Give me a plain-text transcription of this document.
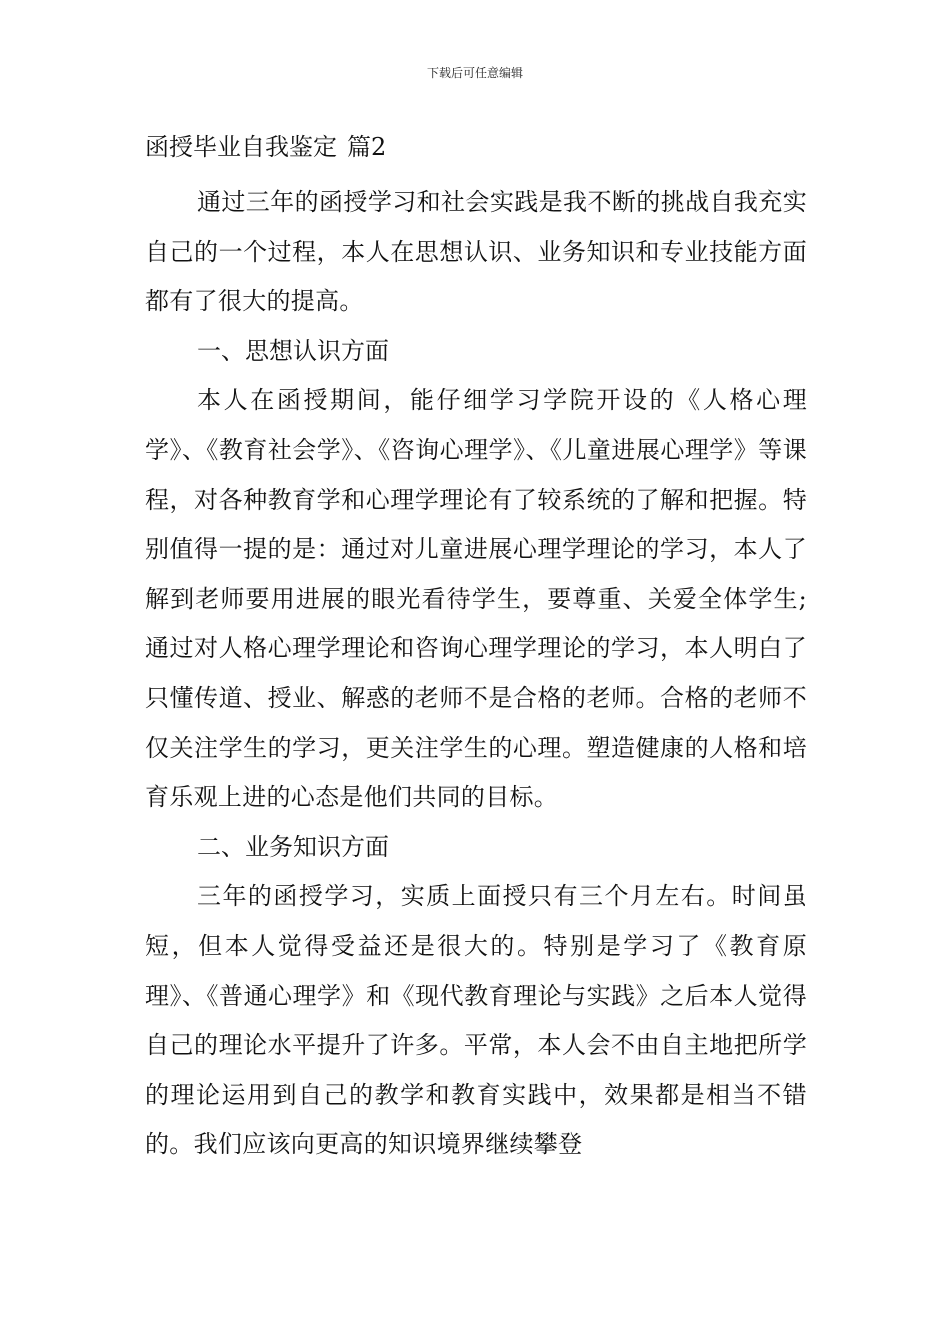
下载后可任意编辑
函授毕业自我鉴定 篇2

通过三年的函授学习和社会实践是我不断的挑战自我充实自己的一个过程，本人在思想认识、业务知识和专业技能方面都有了很大的提高。

一、思想认识方面

本人在函授期间，能仔细学习学院开设的《人格心理学》、《教育社会学》、《咨询心理学》、《儿童进展心理学》等课程，对各种教育学和心理学理论有了较系统的了解和把握。特别值得一提的是：通过对儿童进展心理学理论的学习，本人了解到老师要用进展的眼光看待学生，要尊重、关爱全体学生;通过对人格心理学理论和咨询心理学理论的学习，本人明白了只懂传道、授业、解惑的老师不是合格的老师。合格的老师不仅关注学生的学习，更关注学生的心理。塑造健康的人格和培育乐观上进的心态是他们共同的目标。

二、业务知识方面

三年的函授学习，实质上面授只有三个月左右。时间虽短，但本人觉得受益还是很大的。特别是学习了《教育原理》、《普通心理学》和《现代教育理论与实践》之后本人觉得自己的理论水平提升了许多。平常，本人会不由自主地把所学的理论运用到自己的教学和教育实践中，效果都是相当不错的。我们应该向更高的知识境界继续攀登
